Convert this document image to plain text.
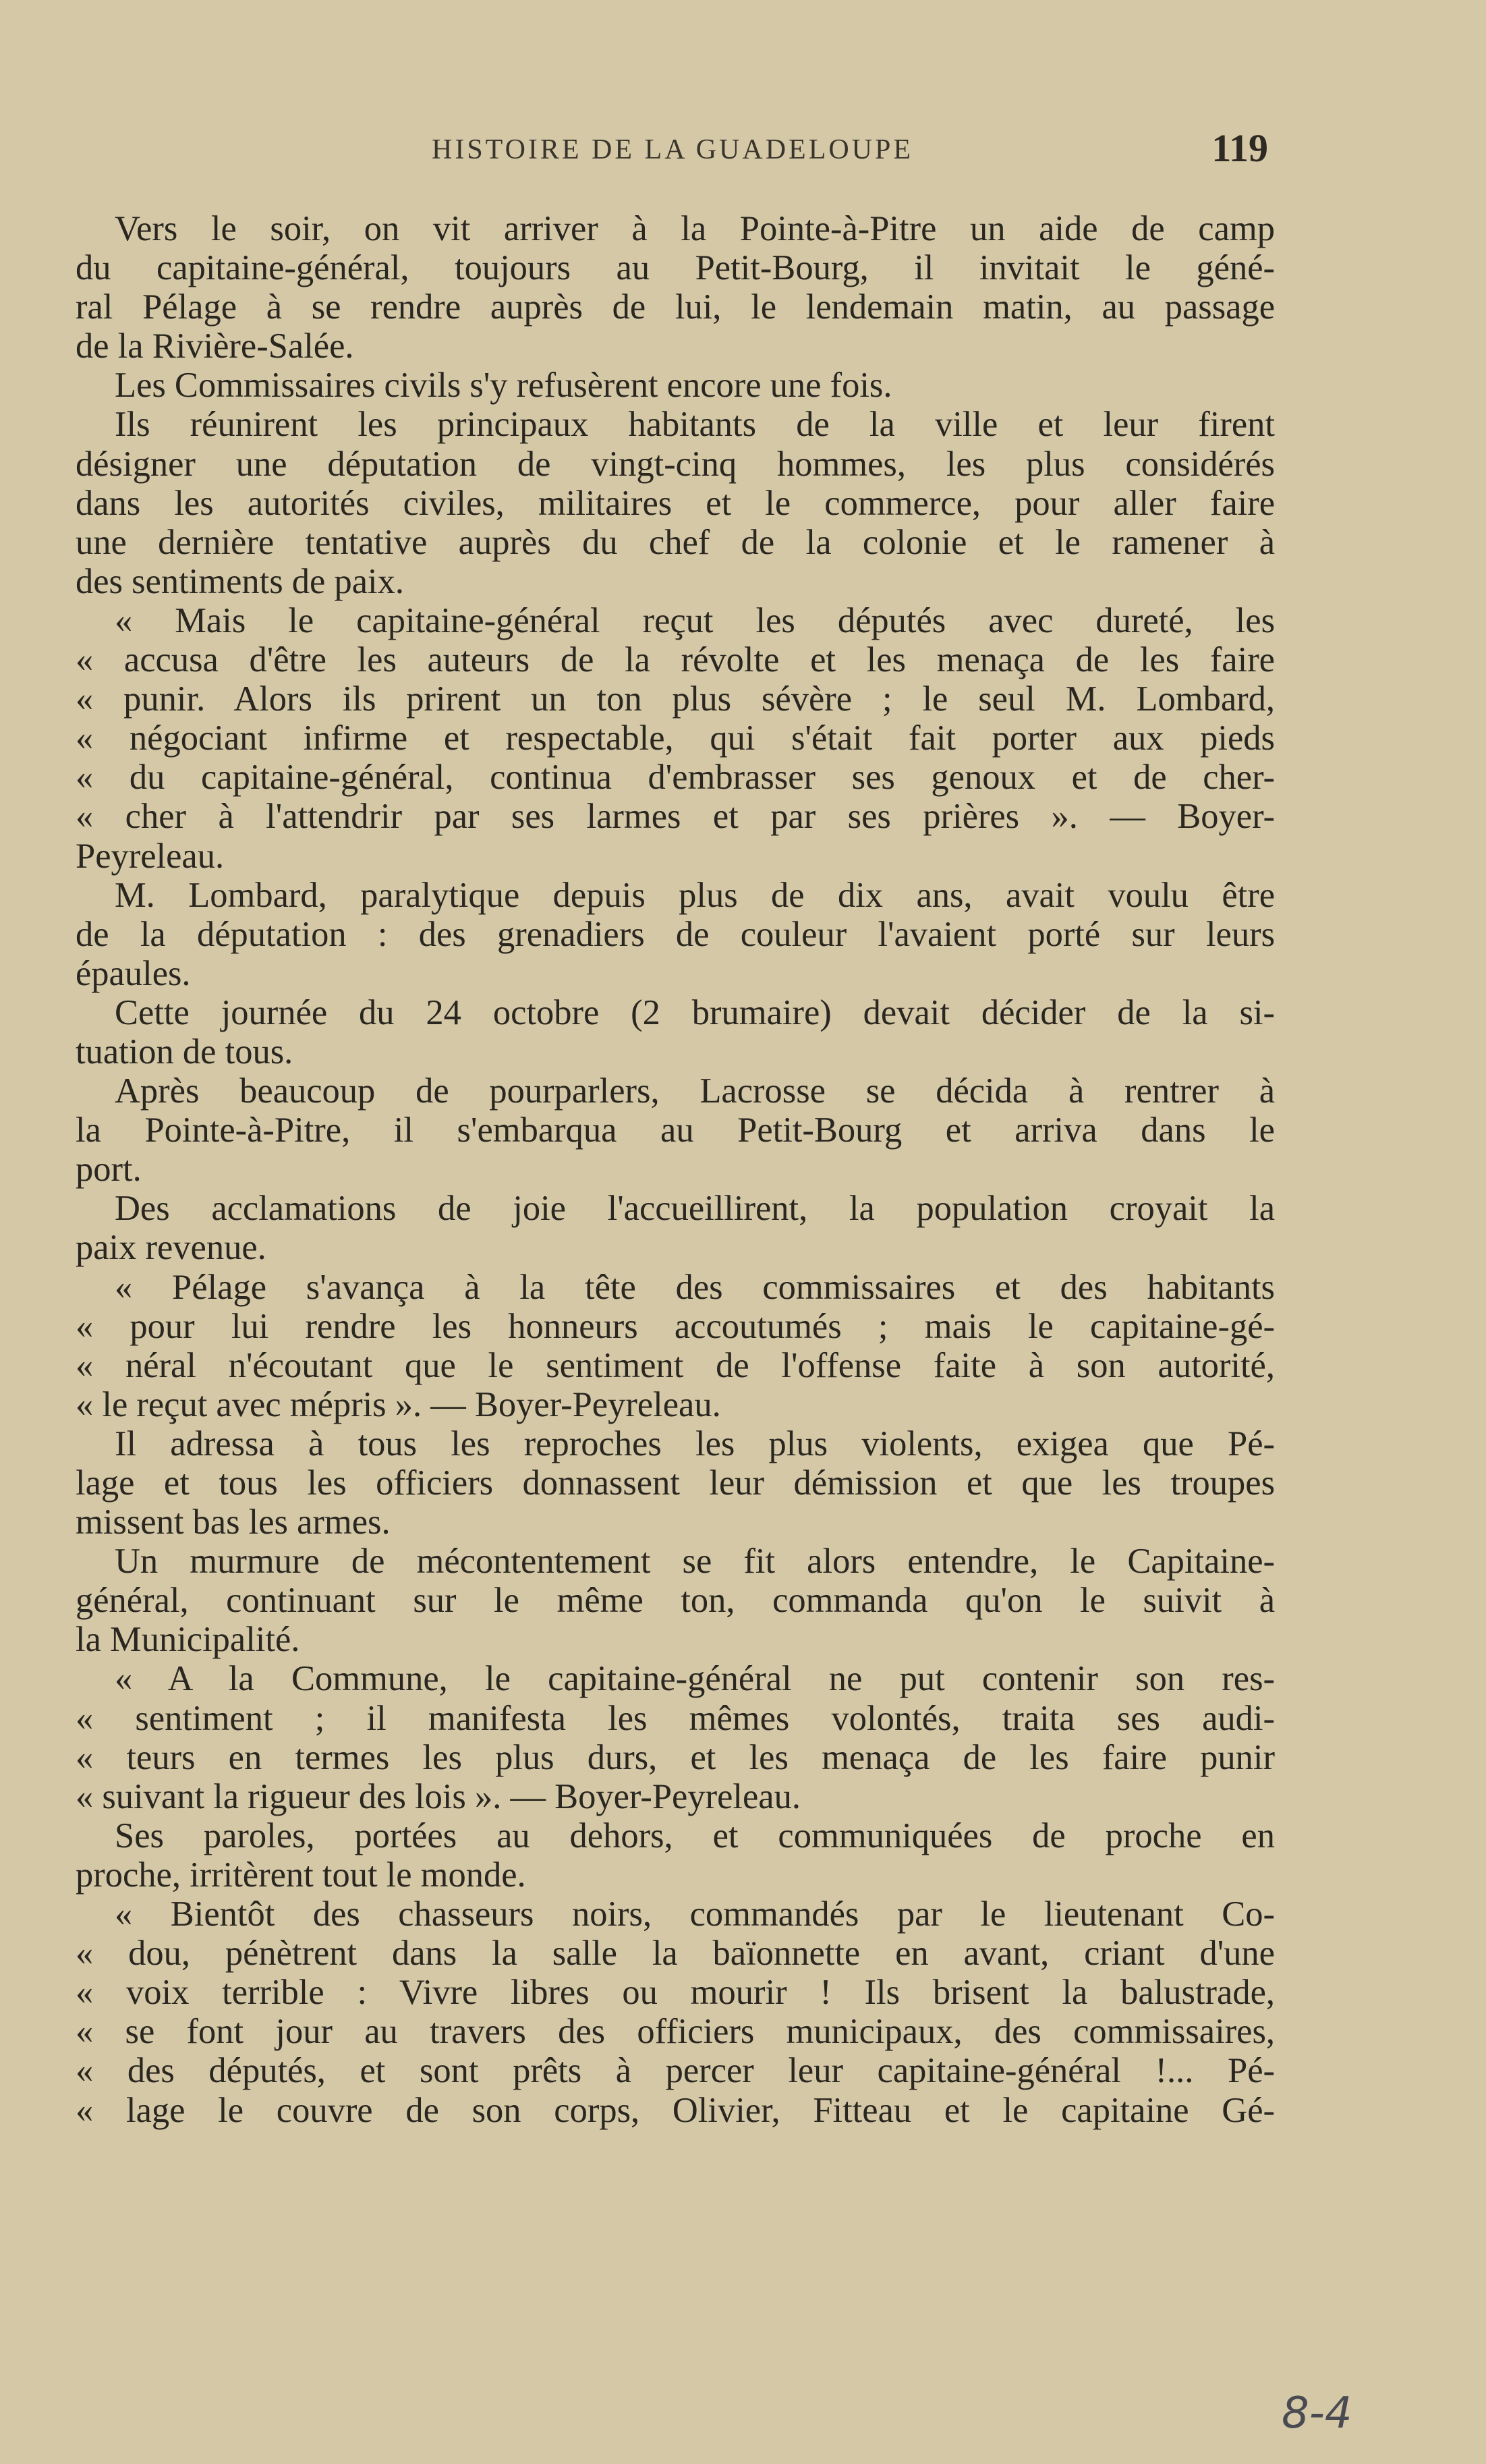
HISTOIRE DE LA GUADELOUPE	119
Vers le soir, on vit arriver à la Pointe-à-Pitre un aide de camp
du capitaine-général, toujours au Petit-Bourg, il invitait le géné-
ral Pélage à se rendre auprès de lui, le lendemain matin, au passage
de la Rivière-Salée.
Les Commissaires civils s'y refusèrent encore une fois.
Ils réunirent les principaux habitants de la ville et leur firent
désigner une députation de vingt-cinq hommes, les plus considérés
dans les autorités civiles, militaires et le commerce, pour aller faire
une dernière tentative auprès du chef de la colonie et le ramener à
des sentiments de paix.
« Mais le capitaine-général reçut les députés avec dureté, les
« accusa d'être les auteurs de la révolte et les menaça de les faire
« punir. Alors ils prirent un ton plus sévère ; le seul M. Lombard,
« négociant infirme et respectable, qui s'était fait porter aux pieds
« du capitaine-général, continua d'embrasser ses genoux et de cher-
« cher à l'attendrir par ses larmes et par ses prières ». — Boyer-
Peyreleau.
M. Lombard, paralytique depuis plus de dix ans, avait voulu être
de la députation : des grenadiers de couleur l'avaient porté sur leurs
épaules.
Cette journée du 24 octobre (2 brumaire) devait décider de la si-
tuation de tous.
Après beaucoup de pourparlers, Lacrosse se décida à rentrer à
la Pointe-à-Pitre, il s'embarqua au Petit-Bourg et arriva dans le
port.
Des acclamations de joie l'accueillirent, la population croyait la
paix revenue.
« Pélage s'avança à la tête des commissaires et des habitants
« pour lui rendre les honneurs accoutumés ; mais le capitaine-gé-
« néral n'écoutant que le sentiment de l'offense faite à son autorité,
« le reçut avec mépris ». — Boyer-Peyreleau.
Il adressa à tous les reproches les plus violents, exigea que Pé-
lage et tous les officiers donnassent leur démission et que les troupes
missent bas les armes.
Un murmure de mécontentement se fit alors entendre, le Capitaine-
général, continuant sur le même ton, commanda qu'on le suivit à
la Municipalité.
« A la Commune, le capitaine-général ne put contenir son res-
« sentiment ; il manifesta les mêmes volontés, traita ses audi-
« teurs en termes les plus durs, et les menaça de les faire punir
« suivant la rigueur des lois ». — Boyer-Peyreleau.
Ses paroles, portées au dehors, et communiquées de proche en
proche, irritèrent tout le monde.
« Bientôt des chasseurs noirs, commandés par le lieutenant Co-
« dou, pénètrent dans la salle la baïonnette en avant, criant d'une
« voix terrible : Vivre libres ou mourir ! Ils brisent la balustrade,
« se font jour au travers des officiers municipaux, des commissaires,
« des députés, et sont prêts à percer leur capitaine-général !... Pé-
« lage le couvre de son corps, Olivier, Fitteau et le capitaine Gé-
8-4
